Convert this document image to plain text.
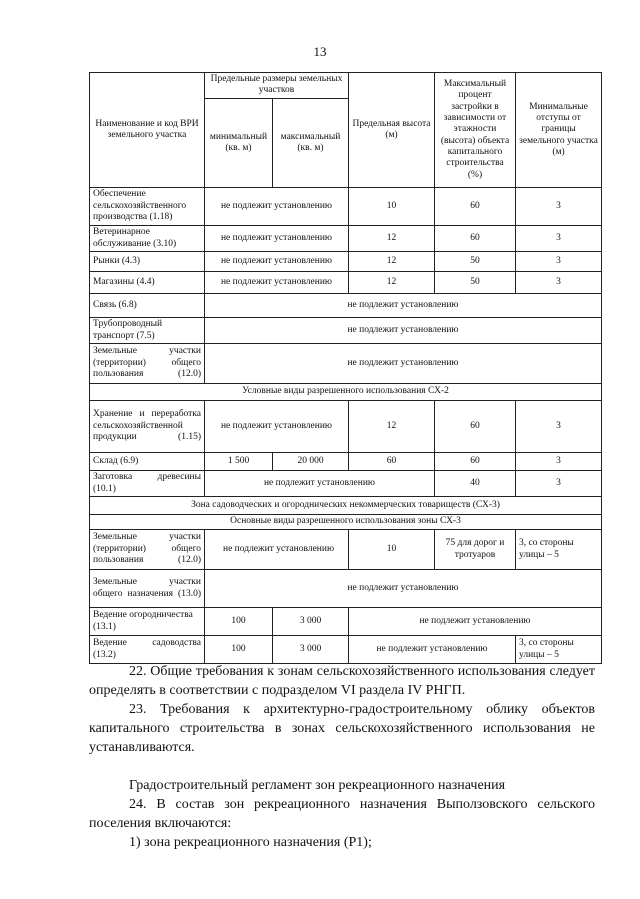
13
Наименование и код ВРИ земельного участка	Предельные размеры земельных участков		Предельная высота (м)	Максимальный процент застройки в зависимости от этажности (высота) объекта капитального строительства (%)	Минимальные отступы от границы земельного участка (м)
	минимальный (кв. м)	максимальный (кв. м)			
Обеспечение сельскохозяйственного производства (1.18)	не подлежит установлению		10	60	3
Ветеринарное обслуживание (3.10)	не подлежит установлению		12	60	3
Рынки (4.3)	не подлежит установлению		12	50	3
Магазины (4.4)	не подлежит установлению		12	50	3
Связь (6.8)	не подлежит установлению				
Трубопроводный транспорт (7.5)	не подлежит установлению				
Земельные участки (территории) общего пользования (12.0)	не подлежит установлению				
Условные виды разрешенного использования СХ-2					
Хранение и переработка сельскохозяйственной продукции (1.15)	не подлежит установлению		12	60	3
Склад (6.9)	1 500	20 000	60	60	3
Заготовка древесины (10.1)	не подлежит установлению			40	3
Зона садоводческих и огороднических некоммерческих товариществ (СХ-3)					
Основные виды разрешенного использования зоны СХ-3					
Земельные участки (территории) общего пользования (12.0)	не подлежит установлению		10	75 для дорог и тротуаров	3, со стороны улицы – 5
Земельные участки общего назначения (13.0)	не подлежит установлению				
Ведение огородничества (13.1)	100	3 000	не подлежит установлению		
Ведение садоводства (13.2)	100	3 000	не подлежит установлению		3, со стороны улицы – 5

22. Общие требования к зонам сельскохозяйственного использования следует определять в соответствии с подразделом VI раздела IV РНГП.

23. Требования к архитектурно-градостроительному облику объектов капитального строительства в зонах сельскохозяйственного использования не устанавливаются.

Градостроительный регламент зон рекреационного назначения

24. В состав зон рекреационного назначения Выползовского сельского поселения включаются:

1) зона рекреационного назначения (Р1);
